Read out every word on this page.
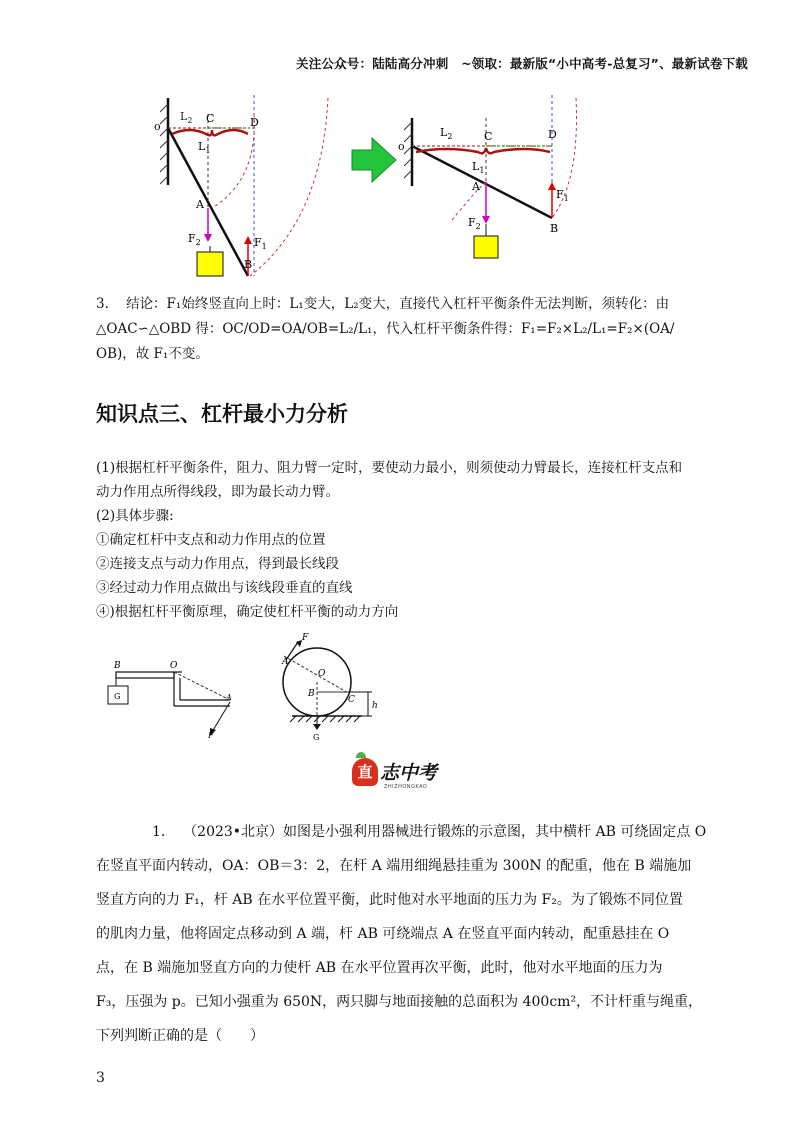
关注公众号：陆陆高分冲刺　~领取：最新版“小中高考-总复习”、最新试卷下载
o
$L_2$ C	D
$L_1$
A
$F_2$	$F_1$
B
o
$L_2$	C	D
$L_1$
A
$F_2$
$F_1$
B
3. 结论：F₁始终竖直向上时：L₁变大，L₂变大，直接代入杠杆平衡条件无法判断，须转化：由
△OAC∽△OBD 得：OC/OD=OA/OB=L₂/L₁，代入杠杆平衡条件得：F₁=F₂×L₂/L₁=F₂×(OA/
OB)，故 F₁不变。
知识点三、杠杆最小力分析
(1)根据杠杆平衡条件，阻力、阻力臂一定时，要使动力最小，则须使动力臂最长，连接杠杆支点和
动力作用点所得线段，即为最长动力臂。
(2)具体步骤:
①确定杠杆中支点和动力作用点的位置
②连接支点与动力作用点，得到最长线段
③经过动力作用点做出与该线段垂直的直线
④)根据杠杆平衡原理，确定使杠杆平衡的动力方向
B	O
G	A
F
F
A
O
B
C
h
G
直 志中考
ZHIZHONGKAO
1. （2023•北京）如图是小强利用器械进行锻炼的示意图，其中横杆 AB 可绕固定点 O
在竖直平面内转动，OA：OB＝3：2，在杆 A 端用细绳悬挂重为 300N 的配重，他在 B 端施加
竖直方向的力 F₁，杆 AB 在水平位置平衡，此时他对水平地面的压力为 F₂。为了锻炼不同位置
的肌肉力量，他将固定点移动到 A 端，杆 AB 可绕端点 A 在竖直平面内转动，配重悬挂在 O
点，在 B 端施加竖直方向的力使杆 AB 在水平位置再次平衡，此时，他对水平地面的压力为
F₃，压强为 p。已知小强重为 650N，两只脚与地面接触的总面积为 400cm²，不计杆重与绳重，
下列判断正确的是（　　）
3
